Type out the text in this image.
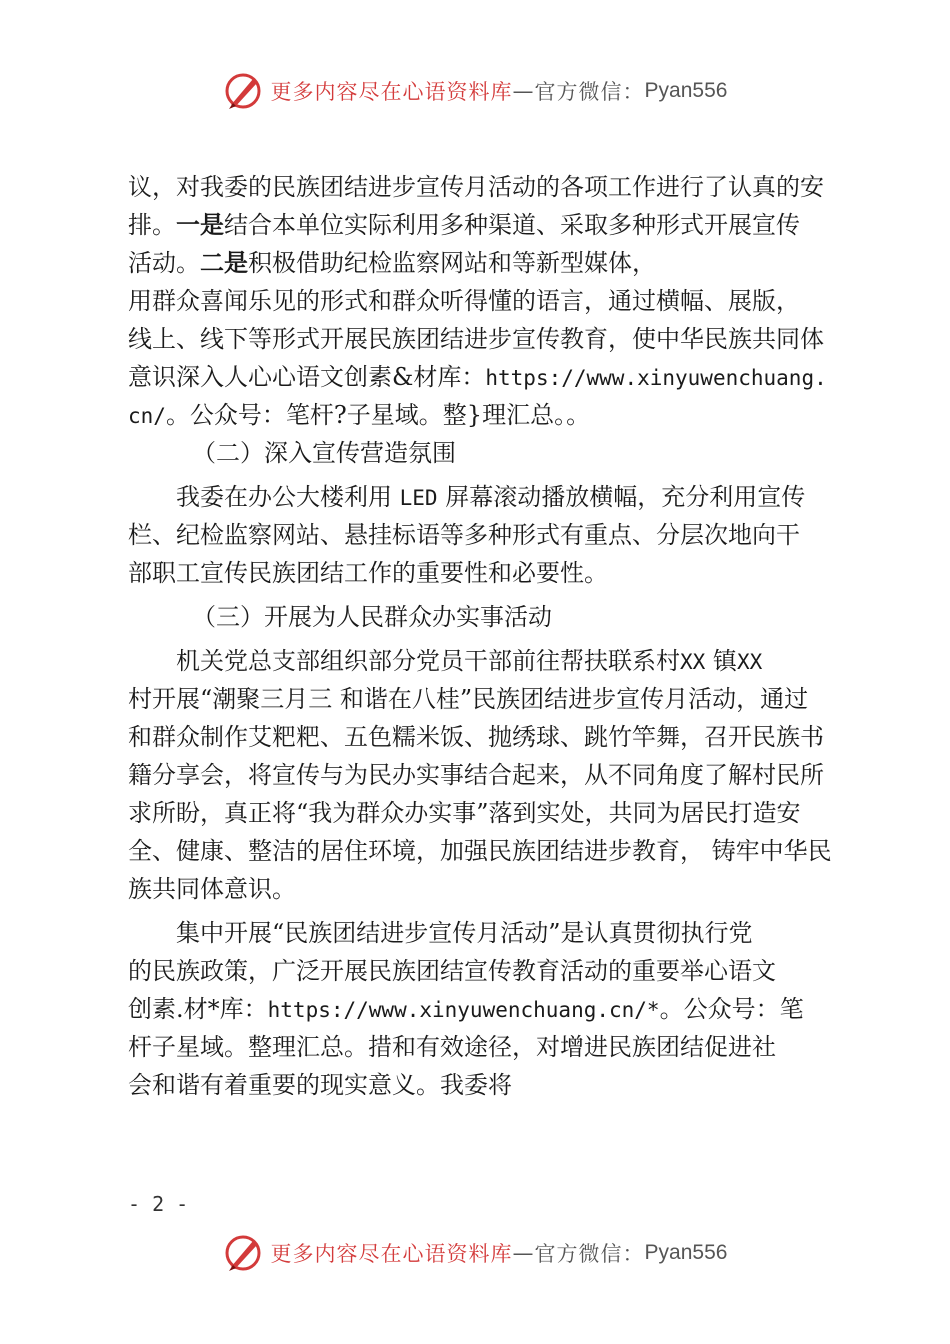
更多内容尽在心语资料库 — 官方微信： Pyan556
议，对我委的民族团结进步宣传月活动的各项工作进行了认真的安
排。一是结合本单位实际利用多种渠道、采取多种形式开展宣传
活动。二是积极借助纪检监察网站和等新型媒体，
用群众喜闻乐见的形式和群众听得懂的语言，通过横幅、展版，
线上、线下等形式开展民族团结进步宣传教育，使中华民族共同体
意识深入人心心语文创素&材库：https://www.xinyuwenchuang.
cn/。公众号：笔杆?子星域。整}理汇总。。
（二）深入宣传营造氛围
我委在办公大楼利用 LED 屏幕滚动播放横幅，充分利用宣传
栏、纪检监察网站、悬挂标语等多种形式有重点、分层次地向干
部职工宣传民族团结工作的重要性和必要性。
（三）开展为人民群众办实事活动
机关党总支部组织部分党员干部前往帮扶联系村XX 镇XX
村开展“潮聚三月三 和谐在八桂”民族团结进步宣传月活动，通过
和群众制作艾粑粑、五色糯米饭、抛绣球、跳竹竿舞，召开民族书
籍分享会，将宣传与为民办实事结合起来，从不同角度了解村民所
求所盼，真正将“我为群众办实事”落到实处，共同为居民打造安
全、健康、整洁的居住环境，加强民族团结进步教育， 铸牢中华民
族共同体意识。
集中开展“民族团结进步宣传月活动”是认真贯彻执行党
的民族政策，广泛开展民族团结宣传教育活动的重要举心语文
创素.材*库：https://www.xinyuwenchuang.cn/*。公众号：笔
杆子星域。整理汇总。措和有效途径，对增进民族团结促进社
会和谐有着重要的现实意义。我委将
- 2 -
更多内容尽在心语资料库 — 官方微信： Pyan556
